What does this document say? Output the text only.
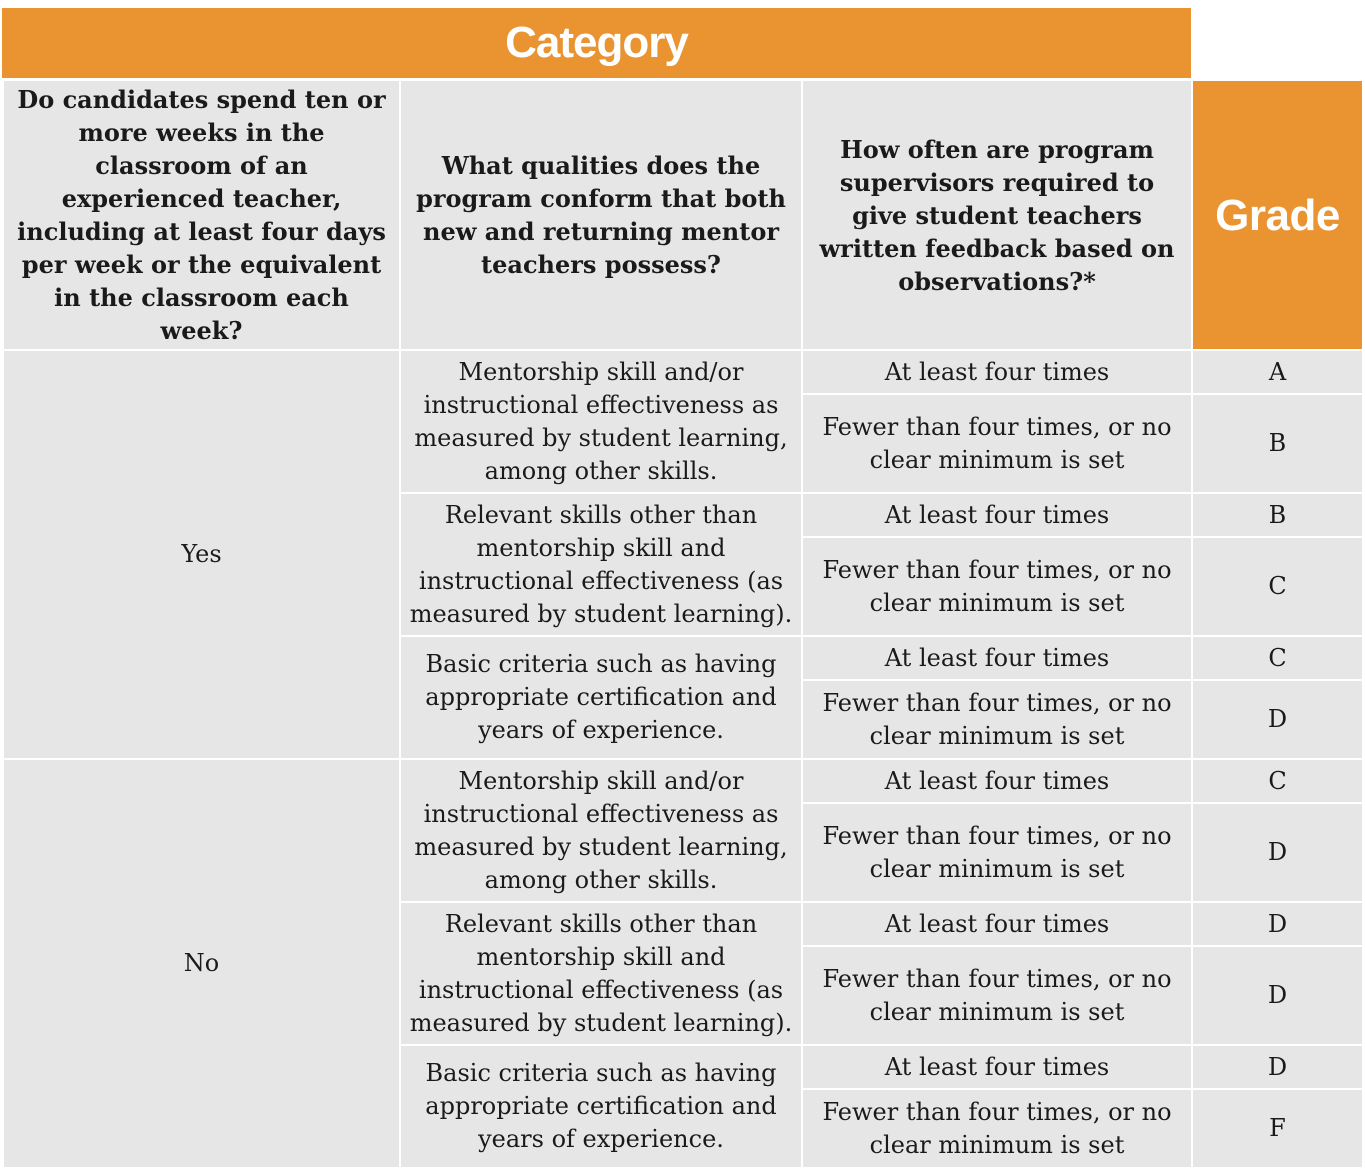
Category
Do candidates spend ten or more weeks in the classroom of an experienced teacher, including at least four days per week or the equivalent in the classroom each week?	What qualities does the program conform that both new and returning mentor teachers possess?	How often are program supervisors required to give student teachers written feedback based on observations?*	Grade
Yes	Mentorship skill and/or instructional effectiveness as measured by student learning, among other skills.	At least four times	A
		Fewer than four times, or no clear minimum is set	B
	Relevant skills other than mentorship skill and instructional effectiveness (as measured by student learning).	At least four times	B
		Fewer than four times, or no clear minimum is set	C
	Basic criteria such as having appropriate certification and years of experience.	At least four times	C
		Fewer than four times, or no clear minimum is set	D
No	Mentorship skill and/or instructional effectiveness as measured by student learning, among other skills.	At least four times	C
		Fewer than four times, or no clear minimum is set	D
	Relevant skills other than mentorship skill and instructional effectiveness (as measured by student learning).	At least four times	D
		Fewer than four times, or no clear minimum is set	D
	Basic criteria such as having appropriate certification and years of experience.	At least four times	D
		Fewer than four times, or no clear minimum is set	F
